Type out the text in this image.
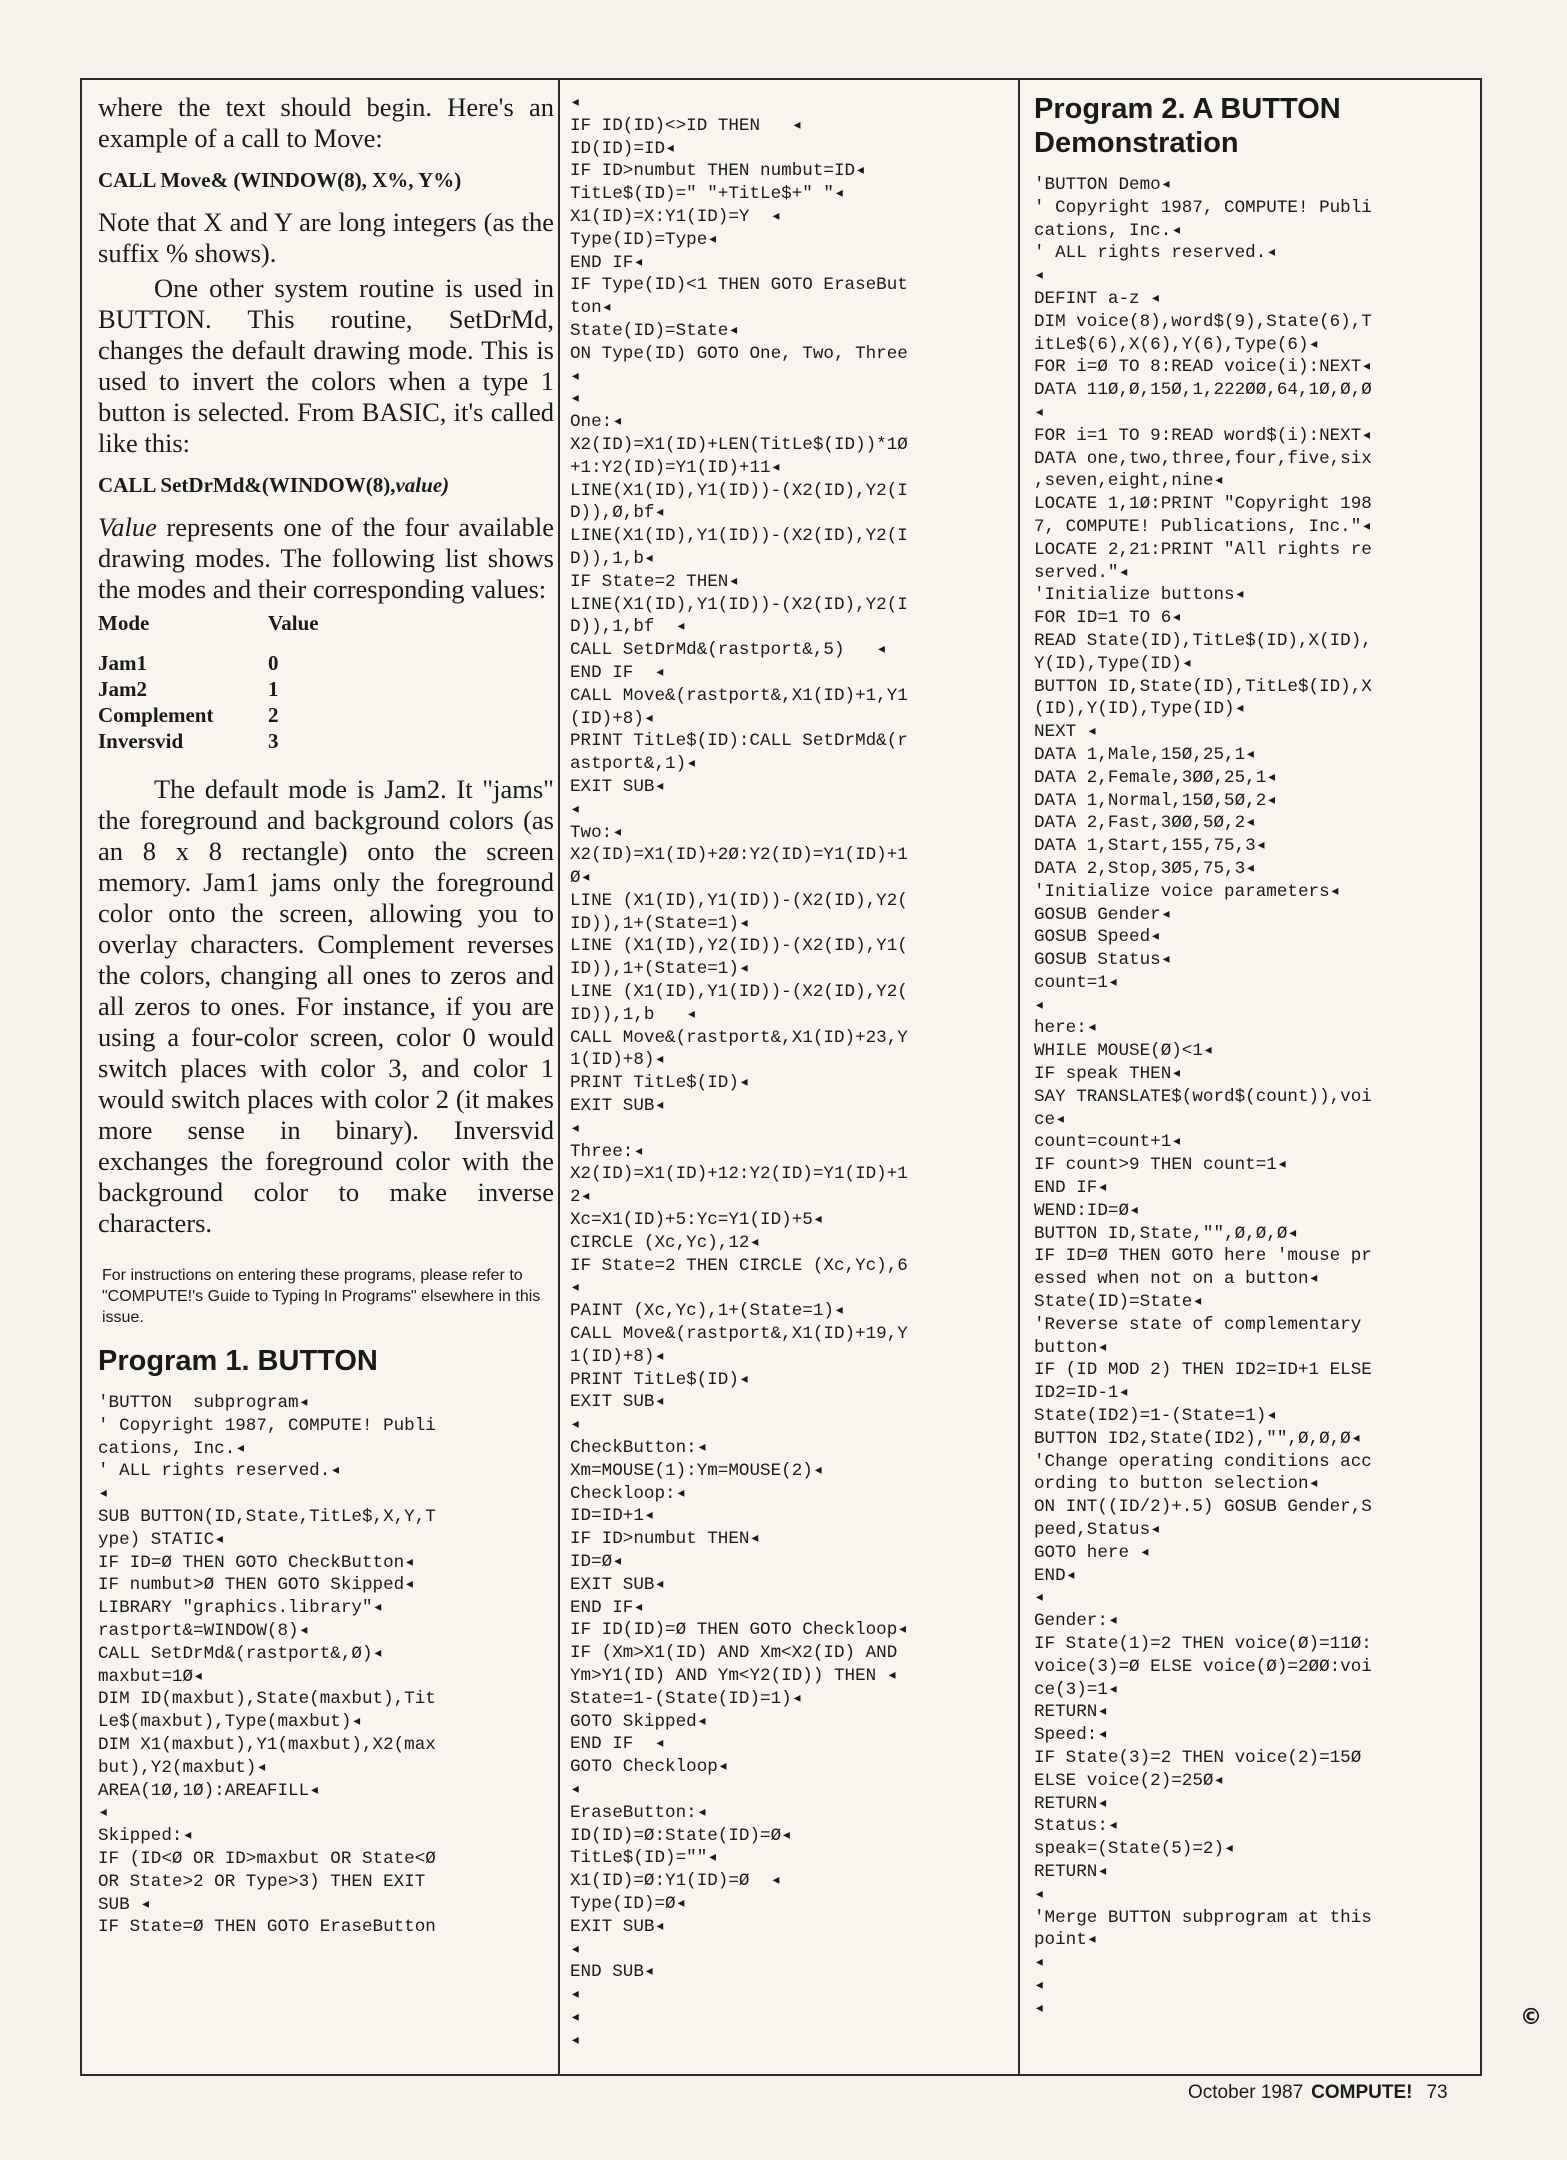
where the text should begin. Here's an example of a call to Move:

CALL Move& (WINDOW(8), X%, Y%)

Note that X and Y are long integers (as the suffix % shows).

One other system routine is used in BUTTON. This routine, SetDrMd, changes the default drawing mode. This is used to invert the colors when a type 1 button is selected. From BASIC, it's called like this:

CALL SetDrMd&(WINDOW(8),value)

Value represents one of the four available drawing modes. The following list shows the modes and their corresponding values:

Mode	Value
Jam1	0
Jam2	1
Complement	2
Inversvid	3

The default mode is Jam2. It "jams" the foreground and background colors (as an 8 x 8 rectangle) onto the screen memory. Jam1 jams only the foreground color onto the screen, allowing you to overlay characters. Complement reverses the colors, changing all ones to zeros and all zeros to ones. For instance, if you are using a four-color screen, color 0 would switch places with color 3, and color 1 would switch places with color 2 (it makes more sense in binary). Inversvid exchanges the foreground color with the background color to make inverse characters.

For instructions on entering these programs, please refer to "COMPUTE!'s Guide to Typing In Programs" elsewhere in this issue.
Program 1. BUTTON
'BUTTON  subprogram◂
' Copyright 1987, COMPUTE! Publi
cations, Inc.◂
' ALL rights reserved.◂
◂
SUB BUTTON(ID,State,TitLe$,X,Y,T
ype) STATIC◂
IF ID=Ø THEN GOTO CheckButton◂
IF numbut>Ø THEN GOTO Skipped◂
LIBRARY "graphics.library"◂
rastport&=WINDOW(8)◂
CALL SetDrMd&(rastport&,Ø)◂
maxbut=1Ø◂
DIM ID(maxbut),State(maxbut),Tit
Le$(maxbut),Type(maxbut)◂
DIM X1(maxbut),Y1(maxbut),X2(max
but),Y2(maxbut)◂
AREA(1Ø,1Ø):AREAFILL◂
◂
Skipped:◂
IF (ID<Ø OR ID>maxbut OR State<Ø
OR State>2 OR Type>3) THEN EXIT
SUB ◂
IF State=Ø THEN GOTO EraseButton
◂
IF ID(ID)<>ID THEN   ◂
ID(ID)=ID◂
IF ID>numbut THEN numbut=ID◂
TitLe$(ID)=" "+TitLe$+" "◂
X1(ID)=X:Y1(ID)=Y  ◂
Type(ID)=Type◂
END IF◂
IF Type(ID)<1 THEN GOTO EraseBut
ton◂
State(ID)=State◂
ON Type(ID) GOTO One, Two, Three
◂
◂
One:◂
X2(ID)=X1(ID)+LEN(TitLe$(ID))*1Ø
+1:Y2(ID)=Y1(ID)+11◂
LINE(X1(ID),Y1(ID))-(X2(ID),Y2(I
D)),Ø,bf◂
LINE(X1(ID),Y1(ID))-(X2(ID),Y2(I
D)),1,b◂
IF State=2 THEN◂
LINE(X1(ID),Y1(ID))-(X2(ID),Y2(I
D)),1,bf  ◂
CALL SetDrMd&(rastport&,5)   ◂
END IF  ◂
CALL Move&(rastport&,X1(ID)+1,Y1
(ID)+8)◂
PRINT TitLe$(ID):CALL SetDrMd&(r
astport&,1)◂
EXIT SUB◂
◂
Two:◂
X2(ID)=X1(ID)+2Ø:Y2(ID)=Y1(ID)+1
Ø◂
LINE (X1(ID),Y1(ID))-(X2(ID),Y2(
ID)),1+(State=1)◂
LINE (X1(ID),Y2(ID))-(X2(ID),Y1(
ID)),1+(State=1)◂
LINE (X1(ID),Y1(ID))-(X2(ID),Y2(
ID)),1,b   ◂
CALL Move&(rastport&,X1(ID)+23,Y
1(ID)+8)◂
PRINT TitLe$(ID)◂
EXIT SUB◂
◂
Three:◂
X2(ID)=X1(ID)+12:Y2(ID)=Y1(ID)+1
2◂
Xc=X1(ID)+5:Yc=Y1(ID)+5◂
CIRCLE (Xc,Yc),12◂
IF State=2 THEN CIRCLE (Xc,Yc),6
◂
PAINT (Xc,Yc),1+(State=1)◂
CALL Move&(rastport&,X1(ID)+19,Y
1(ID)+8)◂
PRINT TitLe$(ID)◂
EXIT SUB◂
◂
CheckButton:◂
Xm=MOUSE(1):Ym=MOUSE(2)◂
Checkloop:◂
ID=ID+1◂
IF ID>numbut THEN◂
ID=Ø◂
EXIT SUB◂
END IF◂
IF ID(ID)=Ø THEN GOTO Checkloop◂
IF (Xm>X1(ID) AND Xm<X2(ID) AND
Ym>Y1(ID) AND Ym<Y2(ID)) THEN ◂
State=1-(State(ID)=1)◂
GOTO Skipped◂
END IF  ◂
GOTO Checkloop◂
◂
EraseButton:◂
ID(ID)=Ø:State(ID)=Ø◂
TitLe$(ID)=""◂
X1(ID)=Ø:Y1(ID)=Ø  ◂
Type(ID)=Ø◂
EXIT SUB◂
◂
END SUB◂
◂
◂
◂
Program 2. A BUTTON Demonstration
'BUTTON Demo◂
' Copyright 1987, COMPUTE! Publi
cations, Inc.◂
' ALL rights reserved.◂
◂
DEFINT a-z ◂
DIM voice(8),word$(9),State(6),T
itLe$(6),X(6),Y(6),Type(6)◂
FOR i=Ø TO 8:READ voice(i):NEXT◂
DATA 11Ø,Ø,15Ø,1,222ØØ,64,1Ø,Ø,Ø
◂
FOR i=1 TO 9:READ word$(i):NEXT◂
DATA one,two,three,four,five,six
,seven,eight,nine◂
LOCATE 1,1Ø:PRINT "Copyright 198
7, COMPUTE! Publications, Inc."◂
LOCATE 2,21:PRINT "All rights re
served."◂
'Initialize buttons◂
FOR ID=1 TO 6◂
READ State(ID),TitLe$(ID),X(ID),
Y(ID),Type(ID)◂
BUTTON ID,State(ID),TitLe$(ID),X
(ID),Y(ID),Type(ID)◂
NEXT ◂
DATA 1,Male,15Ø,25,1◂
DATA 2,Female,3ØØ,25,1◂
DATA 1,Normal,15Ø,5Ø,2◂
DATA 2,Fast,3ØØ,5Ø,2◂
DATA 1,Start,155,75,3◂
DATA 2,Stop,3Ø5,75,3◂
'Initialize voice parameters◂
GOSUB Gender◂
GOSUB Speed◂
GOSUB Status◂
count=1◂
◂
here:◂
WHILE MOUSE(Ø)<1◂
IF speak THEN◂
SAY TRANSLATE$(word$(count)),voi
ce◂
count=count+1◂
IF count>9 THEN count=1◂
END IF◂
WEND:ID=Ø◂
BUTTON ID,State,"",Ø,Ø,Ø◂
IF ID=Ø THEN GOTO here 'mouse pr
essed when not on a button◂
State(ID)=State◂
'Reverse state of complementary
button◂
IF (ID MOD 2) THEN ID2=ID+1 ELSE
ID2=ID-1◂
State(ID2)=1-(State=1)◂
BUTTON ID2,State(ID2),"",Ø,Ø,Ø◂
'Change operating conditions acc
ording to button selection◂
ON INT((ID/2)+.5) GOSUB Gender,S
peed,Status◂
GOTO here ◂
END◂
◂
Gender:◂
IF State(1)=2 THEN voice(Ø)=11Ø:
voice(3)=Ø ELSE voice(Ø)=2ØØ:voi
ce(3)=1◂
RETURN◂
Speed:◂
IF State(3)=2 THEN voice(2)=15Ø
ELSE voice(2)=25Ø◂
RETURN◂
Status:◂
speak=(State(5)=2)◂
RETURN◂
◂
'Merge BUTTON subprogram at this
point◂
◂
◂
◂	©
October 1987 COMPUTE! 73
